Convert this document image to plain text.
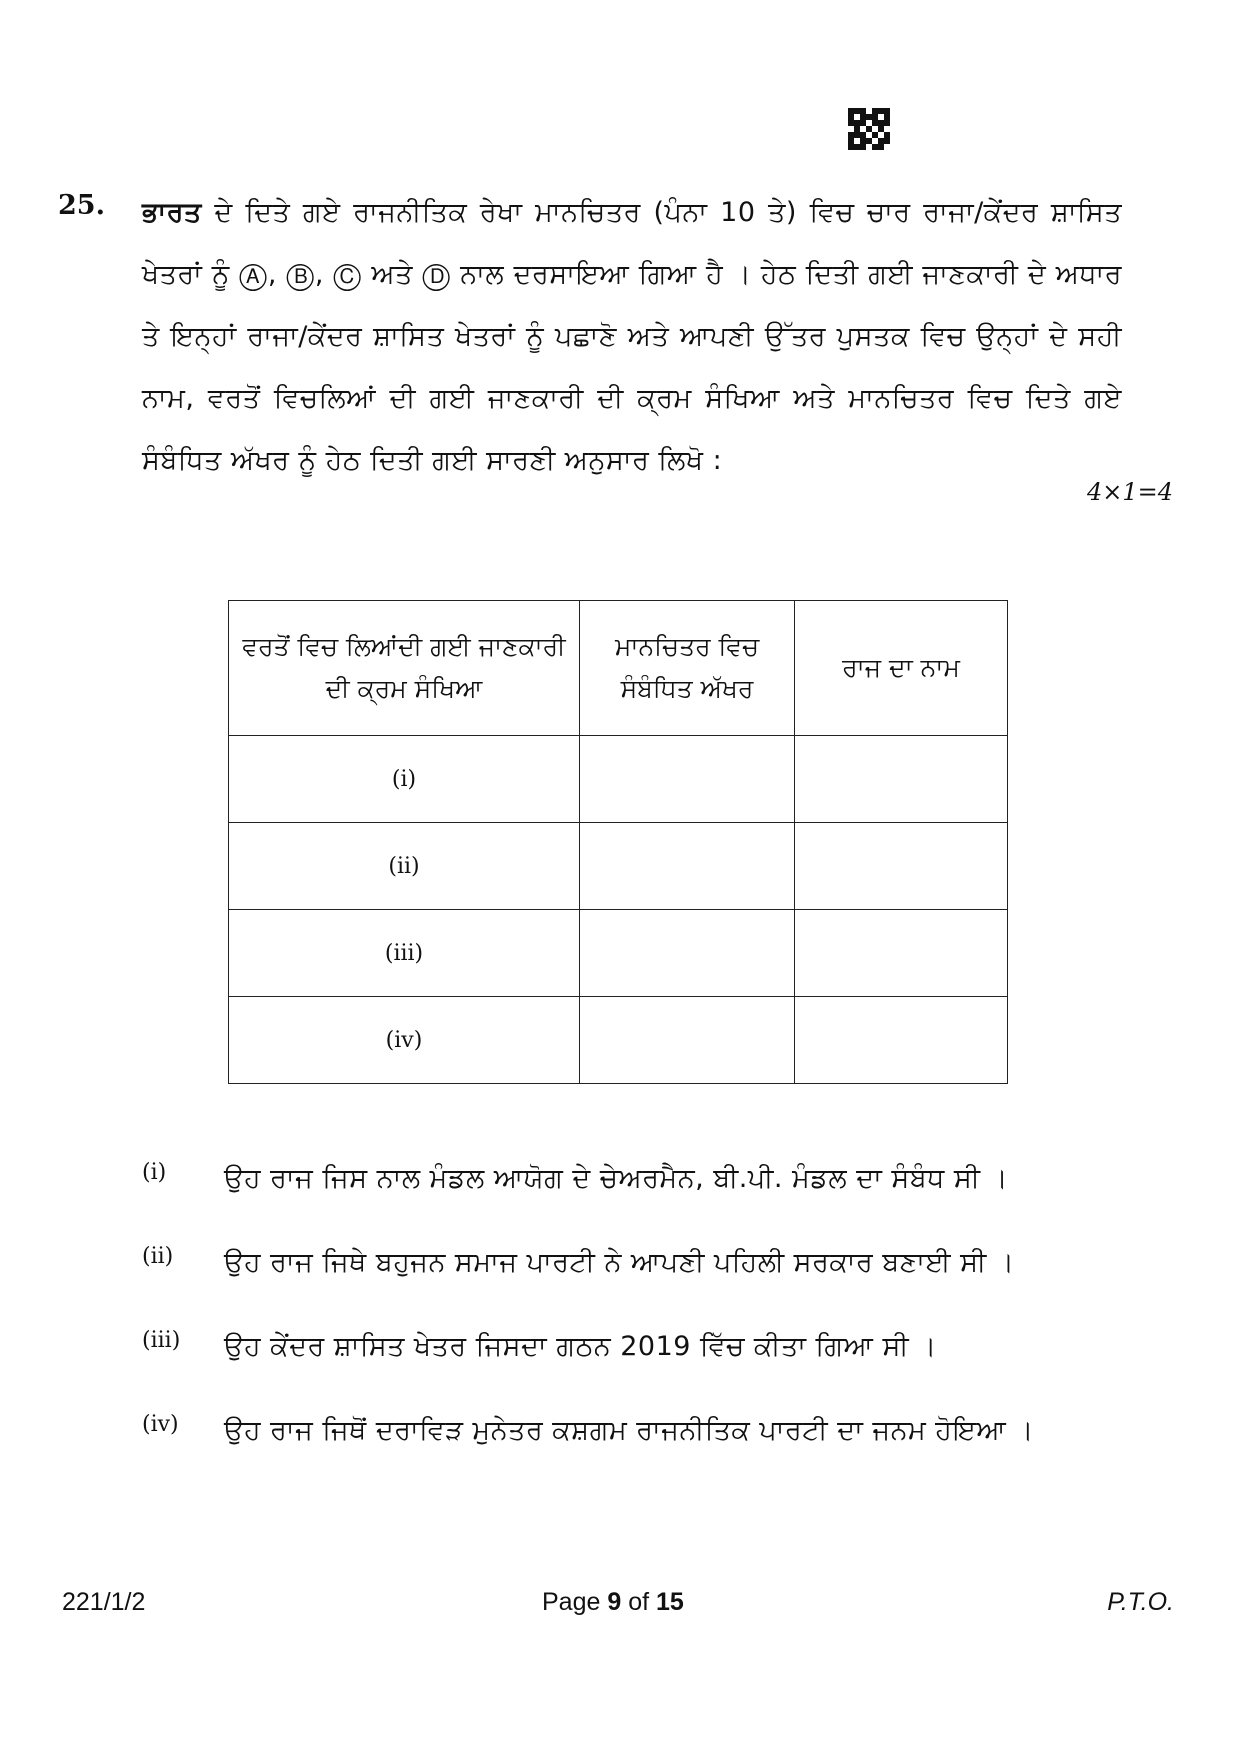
25. ਭਾਰਤ ਦੇ ਦਿਤੇ ਗਏ ਰਾਜਨੀਤਿਕ ਰੇਖਾ ਮਾਨਚਿਤਰ (ਪੰਨਾ 10 ਤੇ) ਵਿਚ ਚਾਰ ਰਾਜਾ/ਕੇਂਦਰ ਸ਼ਾਸਿਤ ਖੇਤਰਾਂ ਨੂੰ Ⓐ, Ⓑ, Ⓒ ਅਤੇ Ⓓ ਨਾਲ ਦਰਸਾਇਆ ਗਿਆ ਹੈ । ਹੇਠ ਦਿਤੀ ਗਈ ਜਾਣਕਾਰੀ ਦੇ ਅਧਾਰ ਤੇ ਇਨ੍ਹਾਂ ਰਾਜਾ/ਕੇਂਦਰ ਸ਼ਾਸਿਤ ਖੇਤਰਾਂ ਨੂੰ ਪਛਾਣੋ ਅਤੇ ਆਪਣੀ ਉੱਤਰ ਪੁਸਤਕ ਵਿਚ ਉਨ੍ਹਾਂ ਦੇ ਸਹੀ ਨਾਮ, ਵਰਤੋਂ ਵਿਚਲਿਆਂ ਦੀ ਗਈ ਜਾਣਕਾਰੀ ਦੀ ਕ੍ਰਮ ਸੰਖਿਆ ਅਤੇ ਮਾਨਚਿਤਰ ਵਿਚ ਦਿਤੇ ਗਏ ਸੰਬੰਧਿਤ ਅੱਖਰ ਨੂੰ ਹੇਠ ਦਿਤੀ ਗਈ ਸਾਰਣੀ ਅਨੁਸਾਰ ਲਿਖੋ :
4×1=4
ਵਰਤੋਂ ਵਿਚ ਲਿਆਂਦੀ ਗਈ ਜਾਣਕਾਰੀ ਦੀ ਕ੍ਰਮ ਸੰਖਿਆ	ਮਾਨਚਿਤਰ ਵਿਚ ਸੰਬੰਧਿਤ ਅੱਖਰ	ਰਾਜ ਦਾ ਨਾਮ
(i)		
(ii)		
(iii)		
(iv)		
(i) ਉਹ ਰਾਜ ਜਿਸ ਨਾਲ ਮੰਡਲ ਆਯੋਗ ਦੇ ਚੇਅਰਮੈਨ, ਬੀ.ਪੀ. ਮੰਡਲ ਦਾ ਸੰਬੰਧ ਸੀ ।
(ii) ਉਹ ਰਾਜ ਜਿਥੇ ਬਹੁਜਨ ਸਮਾਜ ਪਾਰਟੀ ਨੇ ਆਪਣੀ ਪਹਿਲੀ ਸਰਕਾਰ ਬਣਾਈ ਸੀ ।
(iii) ਉਹ ਕੇਂਦਰ ਸ਼ਾਸਿਤ ਖੇਤਰ ਜਿਸਦਾ ਗਠਨ 2019 ਵਿੱਚ ਕੀਤਾ ਗਿਆ ਸੀ ।
(iv) ਉਹ ਰਾਜ ਜਿਥੋਂ ਦਰਾਵਿੜ ਮੁਨੇਤਰ ਕਸ਼ਗਮ ਰਾਜਨੀਤਿਕ ਪਾਰਟੀ ਦਾ ਜਨਮ ਹੋਇਆ ।
221/1/2	Page 9 of 15	P.T.O.
